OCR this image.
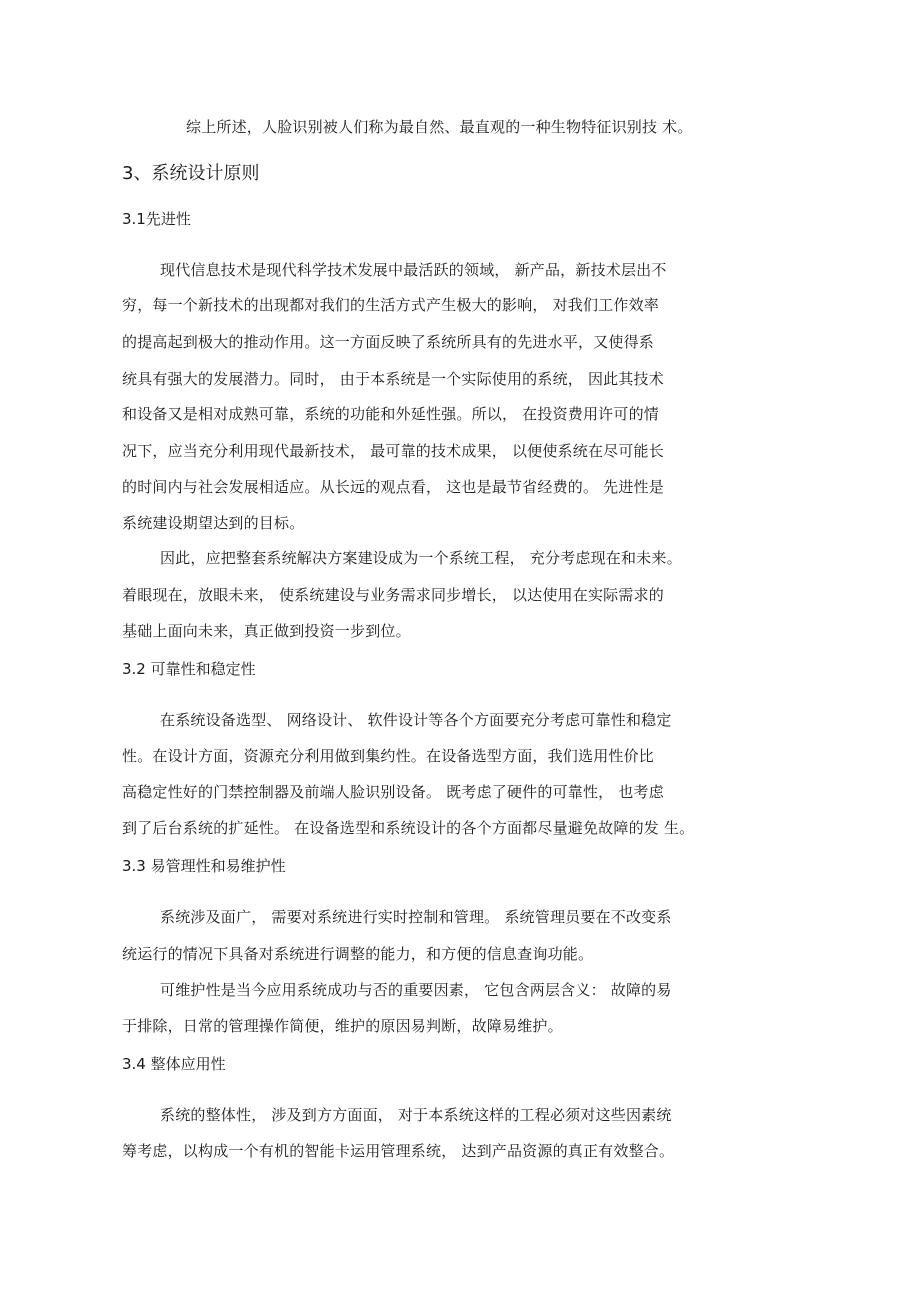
综上所述，人脸识别被人们称为最自然、最直观的一种生物特征识别技 术。
3、系统设计原则
3.1先进性
现代信息技术是现代科学技术发展中最活跃的领域， 新产品，新技术层出不
穷，每一个新技术的出现都对我们的生活方式产生极大的影响， 对我们工作效率
的提高起到极大的推动作用。这一方面反映了系统所具有的先进水平，又使得系
统具有强大的发展潜力。同时， 由于本系统是一个实际使用的系统， 因此其技术
和设备又是相对成熟可靠，系统的功能和外延性强。所以， 在投资费用许可的情
况下，应当充分利用现代最新技术， 最可靠的技术成果， 以便使系统在尽可能长
的时间内与社会发展相适应。从长远的观点看， 这也是最节省经费的。 先进性是
系统建设期望达到的目标。
因此，应把整套系统解决方案建设成为一个系统工程， 充分考虑现在和未来。
着眼现在，放眼未来， 使系统建设与业务需求同步增长， 以达使用在实际需求的
基础上面向未来，真正做到投资一步到位。
3.2 可靠性和稳定性
在系统设备选型、 网络设计、 软件设计等各个方面要充分考虑可靠性和稳定
性。在设计方面，资源充分利用做到集约性。在设备选型方面，我们选用性价比
高稳定性好的门禁控制器及前端人脸识别设备。 既考虑了硬件的可靠性， 也考虑
到了后台系统的扩延性。 在设备选型和系统设计的各个方面都尽量避免故障的发 生。
3.3 易管理性和易维护性
系统涉及面广， 需要对系统进行实时控制和管理。 系统管理员要在不改变系
统运行的情况下具备对系统进行调整的能力，和方便的信息查询功能。
可维护性是当今应用系统成功与否的重要因素， 它包含两层含义： 故障的易
于排除，日常的管理操作简便，维护的原因易判断，故障易维护。
3.4 整体应用性
系统的整体性， 涉及到方方面面， 对于本系统这样的工程必须对这些因素统
筹考虑，以构成一个有机的智能卡运用管理系统， 达到产品资源的真正有效整合。
